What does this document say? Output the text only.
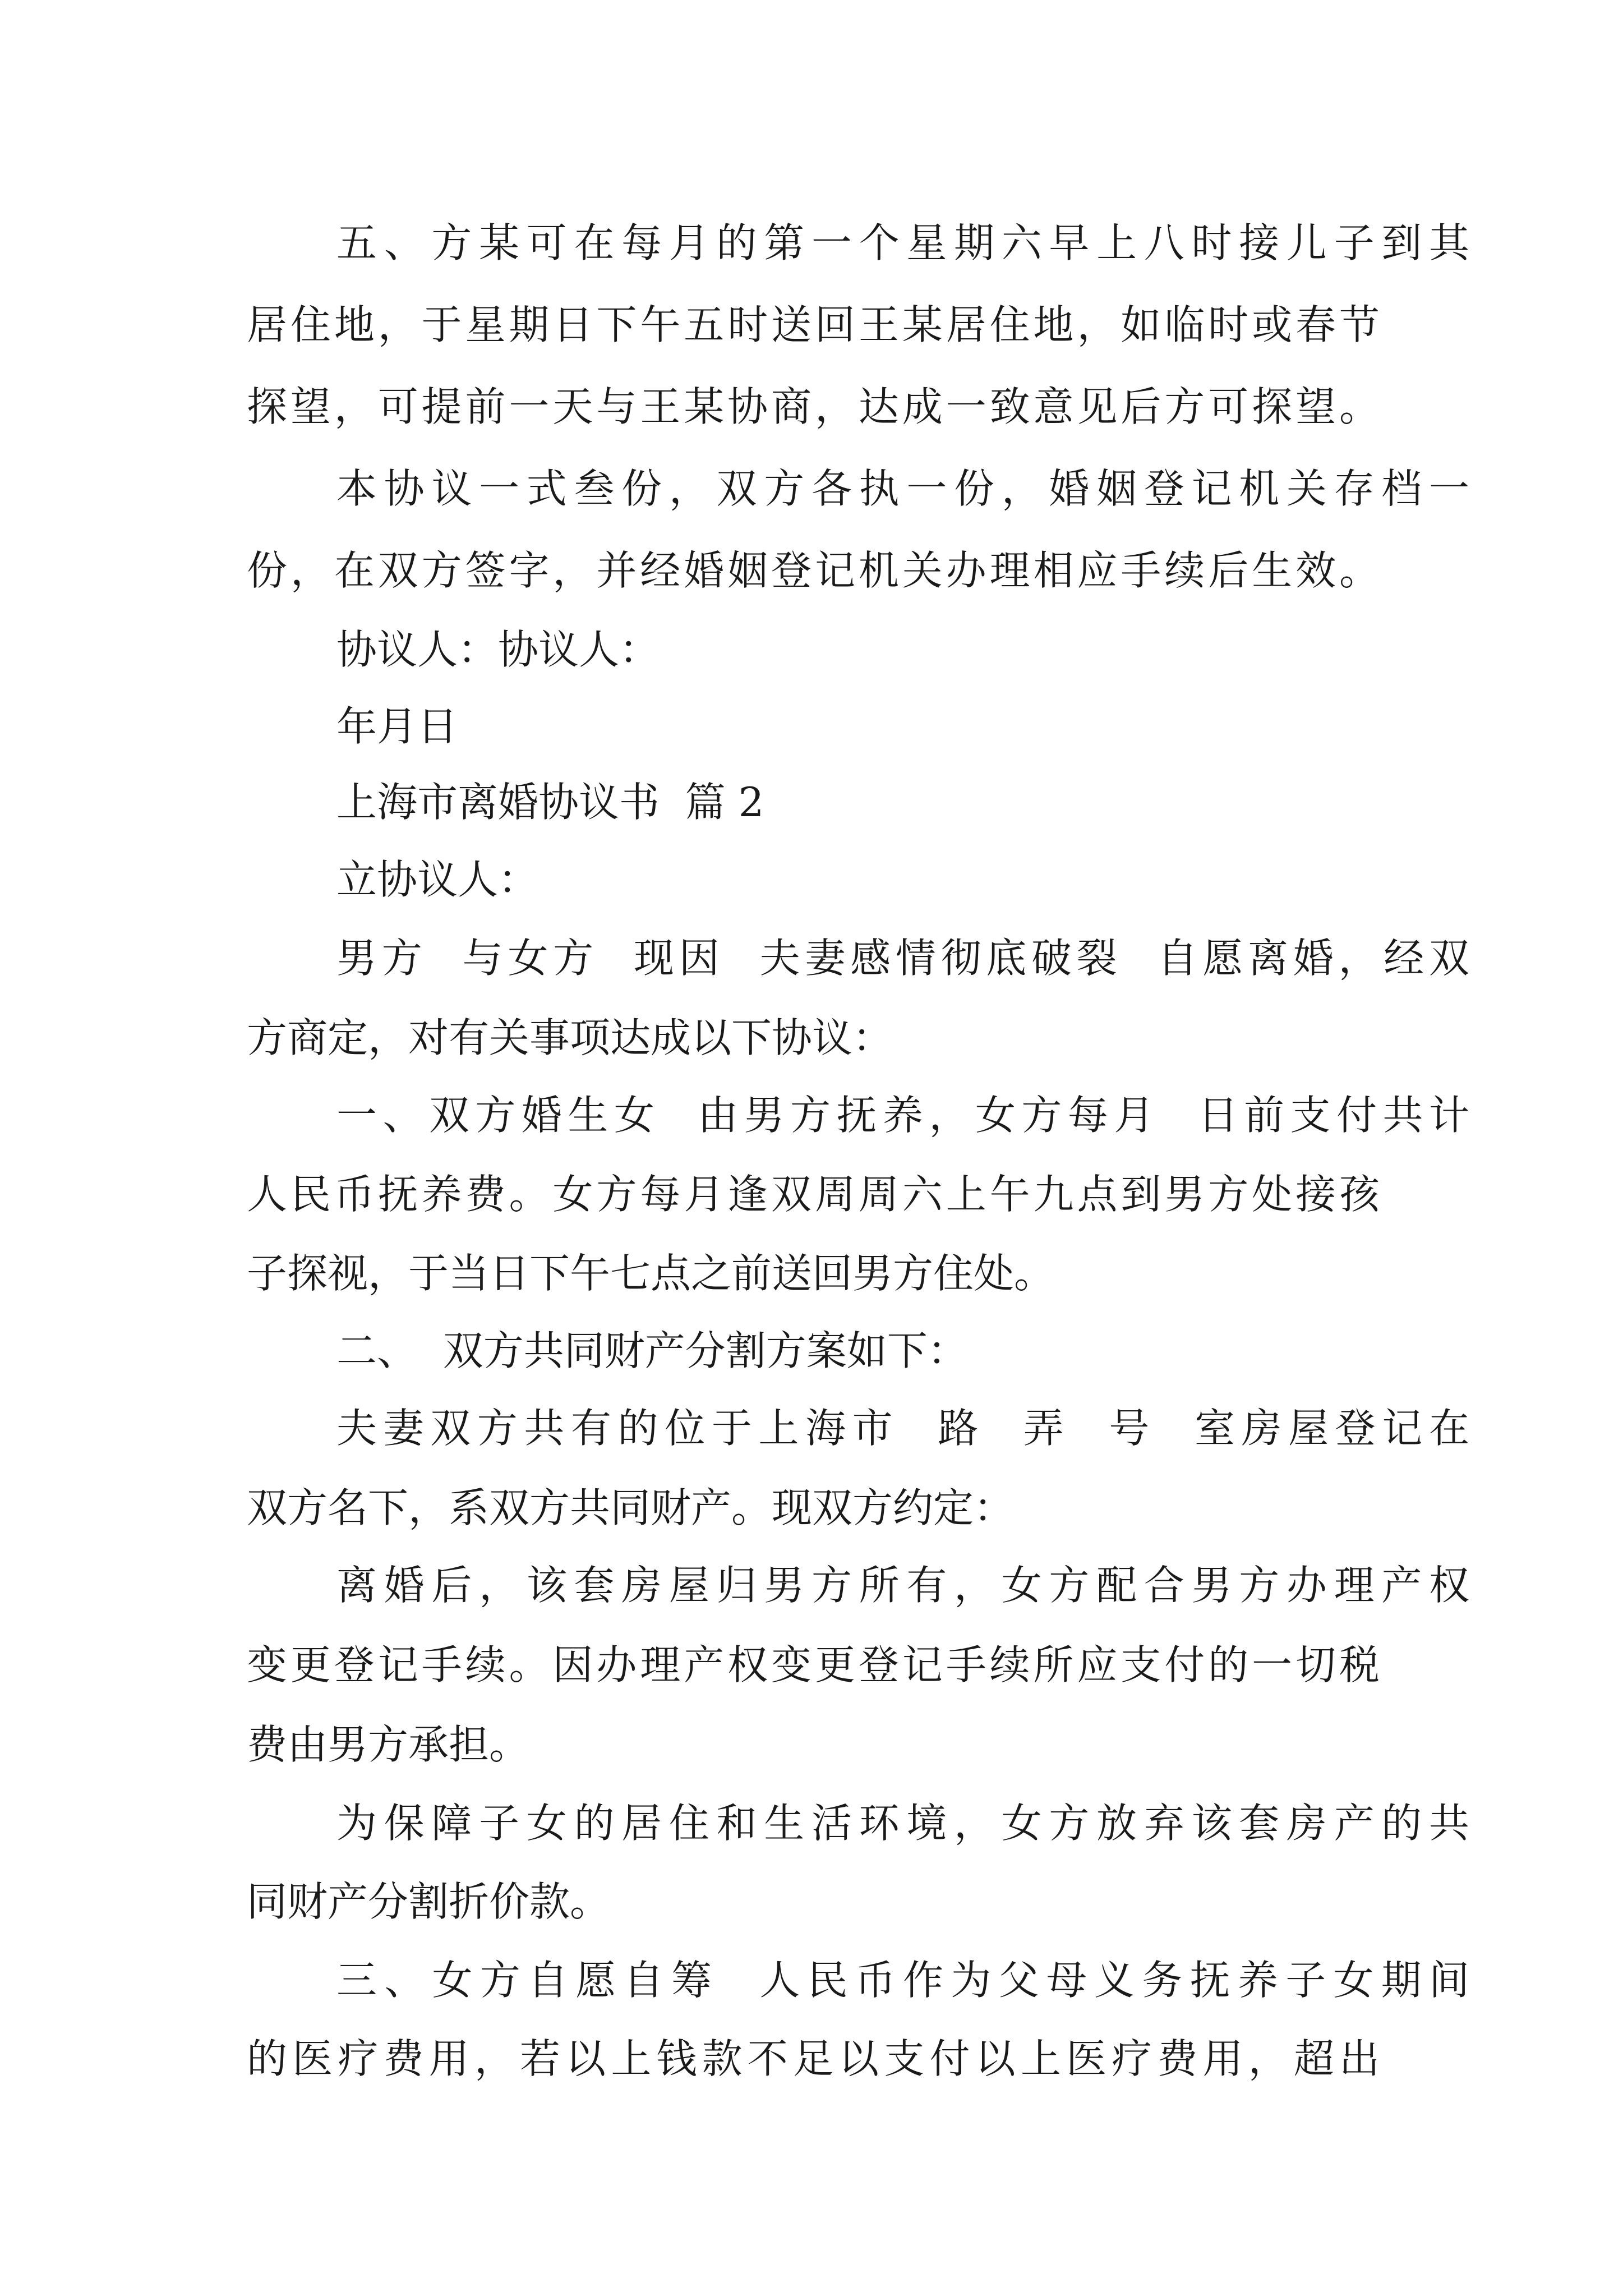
五、方某可在每月的第一个星期六早上八时接儿子到其
居住地，于星期日下午五时送回王某居住地，如临时或春节
探望，可提前一天与王某协商，达成一致意见后方可探望。
本协议一式叁份，双方各执一份，婚姻登记机关存档一
份，在双方签字，并经婚姻登记机关办理相应手续后生效。
协议人：协议人：
年月日
上海市离婚协议书  篇 2
立协议人：
男方  与女方  现因  夫妻感情彻底破裂  自愿离婚，经双
方商定，对有关事项达成以下协议：
一、双方婚生女  由男方抚养，女方每月  日前支付共计
人民币抚养费。女方每月逢双周周六上午九点到男方处接孩
子探视，于当日下午七点之前送回男方住处。
二、  双方共同财产分割方案如下：
夫妻双方共有的位于上海市  路  弄  号  室房屋登记在
双方名下，系双方共同财产。现双方约定：
离婚后，该套房屋归男方所有，女方配合男方办理产权
变更登记手续。因办理产权变更登记手续所应支付的一切税
费由男方承担。
为保障子女的居住和生活环境，女方放弃该套房产的共
同财产分割折价款。
三、女方自愿自筹  人民币作为父母义务抚养子女期间
的医疗费用，若以上钱款不足以支付以上医疗费用，超出
